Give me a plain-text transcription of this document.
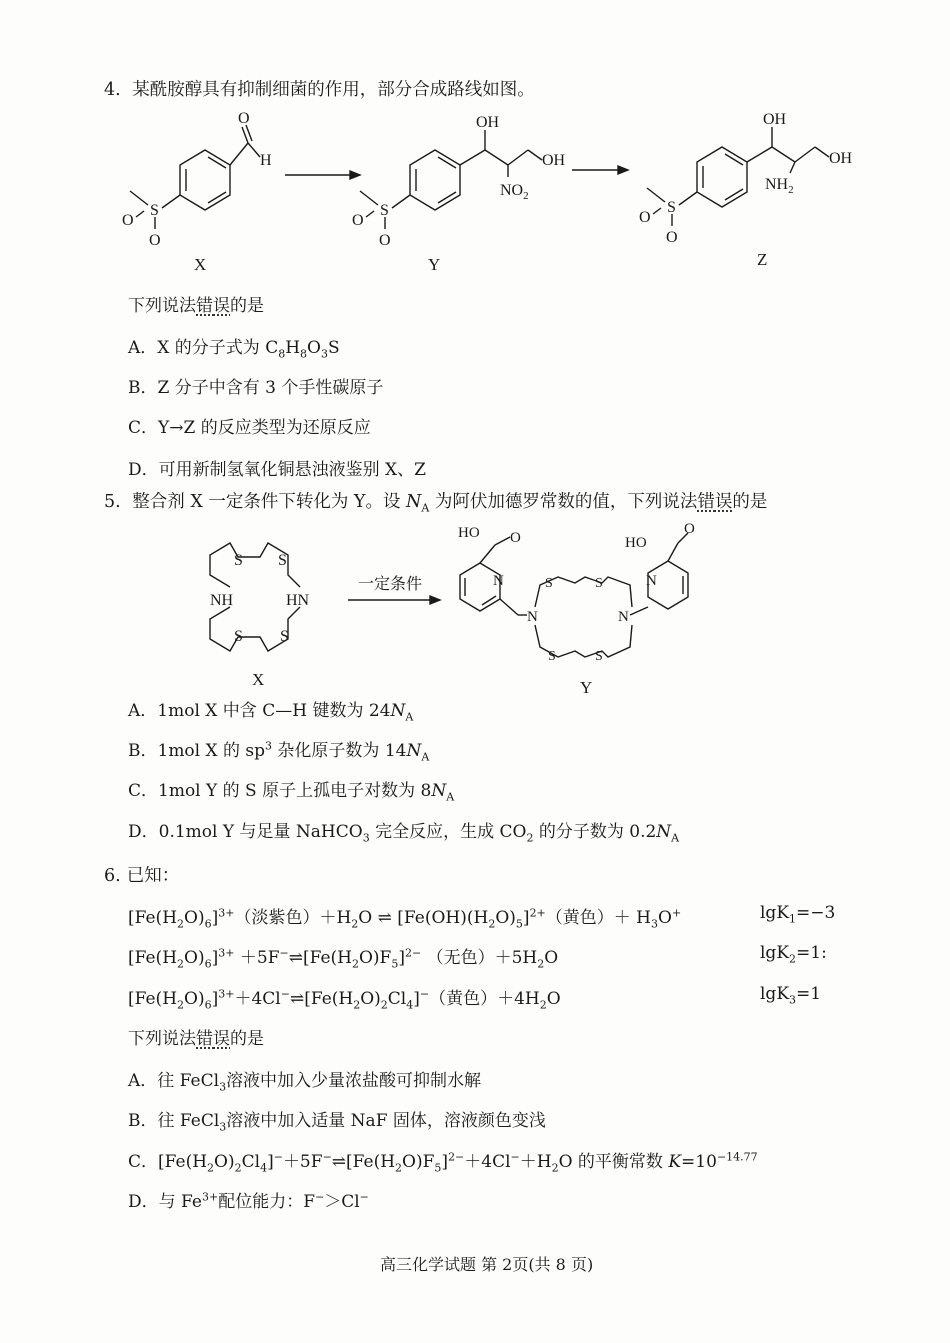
4. 某酰胺醇具有抑制细菌的作用，部分合成路线如图。
O
H
S
O
O
OH
$NO_2$
OH
S
O
O
OH
$NH_2$
OH
S
O
O
X	Y	Z
下列说法错误的是
A．X 的分子式为 $C_8H_8O_3S$
B．Z 分子中含有 3 个手性碳原子
C．Y→Z 的反应类型为还原反应
D．可用新制氢氧化铜悬浊液鉴别 X、Z
5. 整合剂 X 一定条件下转化为 Y。设 $N_A$ 为阿伏加德罗常数的值，下列说法错误的是
S S
NH	HN
S S
X
一定条件	N
O
HO
N
S	S
S	S
N
N
O
HO
Y
A．1mol X 中含 C—H 键数为 $24N_A$
B．1mol X 的 $sp^3$ 杂化原子数为 $14N_A$
C．1mol Y 的 S 原子上孤电子对数为 $8N_A$
D．0.1mol Y 与足量 NaHCO$_3$ 完全反应，生成 $CO_2$ 的分子数为 $0.2N_A$
6. 已知：
$[Fe(H_2O)_6]^{3+}$（淡紫色）$+H_2O$ ⇌ $[Fe(OH)(H_2O)_5]^{2+}$（黄色）＋ $H_3O^+$	lgK$_1$=−3
$[Fe(H_2O)_6]^{3+}$ $+5F^-\rightleftharpoons[Fe(H_2O)F_5]^{2-}$ （无色）$+5H_2O$	lgK$_2$=1:
$[Fe(H_2O)_6]^{3+}+4Cl^-\rightleftharpoons[Fe(H_2O)_2Cl_4]^-$（黄色）$+4H_2O$	lgK$_3$=1
下列说法错误的是
A．往 FeCl$_3$溶液中加入少量浓盐酸可抑制水解
B．往 FeCl$_3$溶液中加入适量 NaF 固体，溶液颜色变浅
C．$[Fe(H_2O)_2Cl_4]^-+5F^-\rightleftharpoons[Fe(H_2O)F_5]^{2-}+4Cl^-+H_2O$ 的平衡常数 $K=10^{-14.77}$
D．与 $Fe^{3+}$配位能力：F−＞Cl−
高三化学试题 第 2页(共 8 页)
